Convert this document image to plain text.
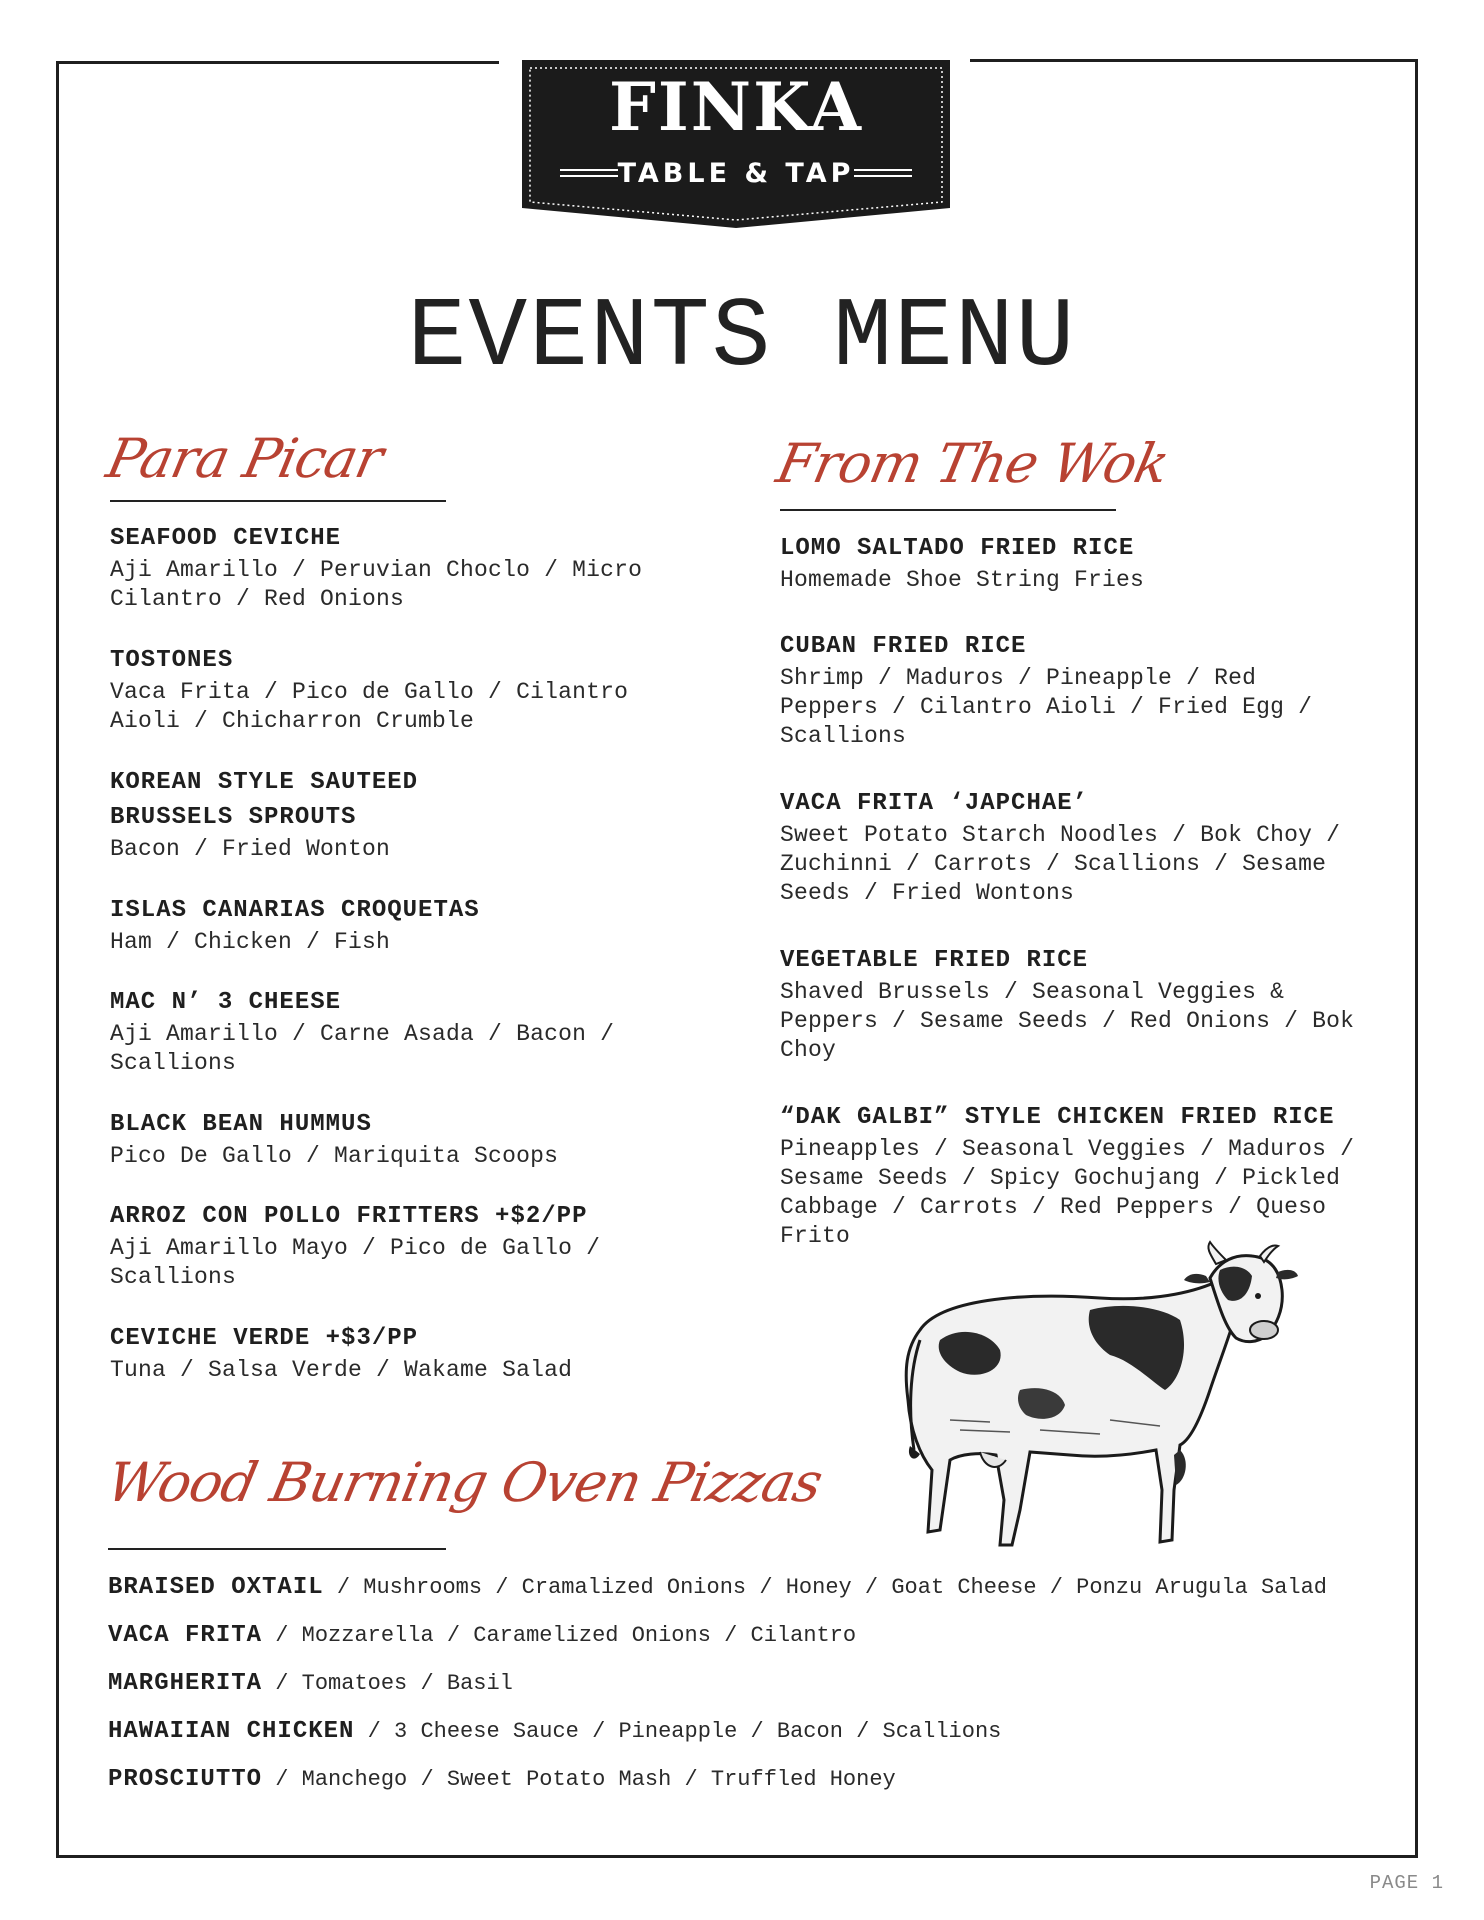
FINKA
TABLE & TAP
EVENTS MENU
Para Picar
SEAFOOD CEVICHE
Aji Amarillo / Peruvian Choclo / Micro Cilantro / Red Onions
TOSTONES
Vaca Frita / Pico de Gallo / Cilantro Aioli / Chicharron Crumble
KOREAN STYLE SAUTEED BRUSSELS SPROUTS
Bacon / Fried Wonton
ISLAS CANARIAS CROQUETAS
Ham / Chicken / Fish
MAC N’ 3 CHEESE
Aji Amarillo / Carne Asada / Bacon / Scallions
BLACK BEAN HUMMUS
Pico De Gallo / Mariquita Scoops
ARROZ CON POLLO FRITTERS +$2/PP
Aji Amarillo Mayo / Pico de Gallo / Scallions
CEVICHE VERDE +$3/PP
Tuna / Salsa Verde / Wakame Salad
From The Wok
LOMO SALTADO FRIED RICE
Homemade Shoe String Fries
CUBAN FRIED RICE
Shrimp / Maduros / Pineapple / Red Peppers / Cilantro Aioli / Fried Egg / Scallions
VACA FRITA ‘JAPCHAE’
Sweet Potato Starch Noodles / Bok Choy / Zuchinni / Carrots / Scallions / Sesame Seeds / Fried Wontons
VEGETABLE FRIED RICE
Shaved Brussels / Seasonal Veggies & Peppers / Sesame Seeds / Red Onions / Bok Choy
“DAK GALBI” STYLE CHICKEN FRIED RICE
Pineapples / Seasonal Veggies / Maduros / Sesame Seeds / Spicy Gochujang / Pickled Cabbage / Carrots / Red Peppers / Queso Frito
Wood Burning Oven Pizzas
BRAISED OXTAIL / Mushrooms / Cramalized Onions / Honey / Goat Cheese / Ponzu Arugula Salad
VACA FRITA / Mozzarella / Caramelized Onions / Cilantro
MARGHERITA / Tomatoes / Basil
HAWAIIAN CHICKEN / 3 Cheese Sauce / Pineapple / Bacon / Scallions
PROSCIUTTO / Manchego / Sweet Potato Mash / Truffled Honey
PAGE 1
